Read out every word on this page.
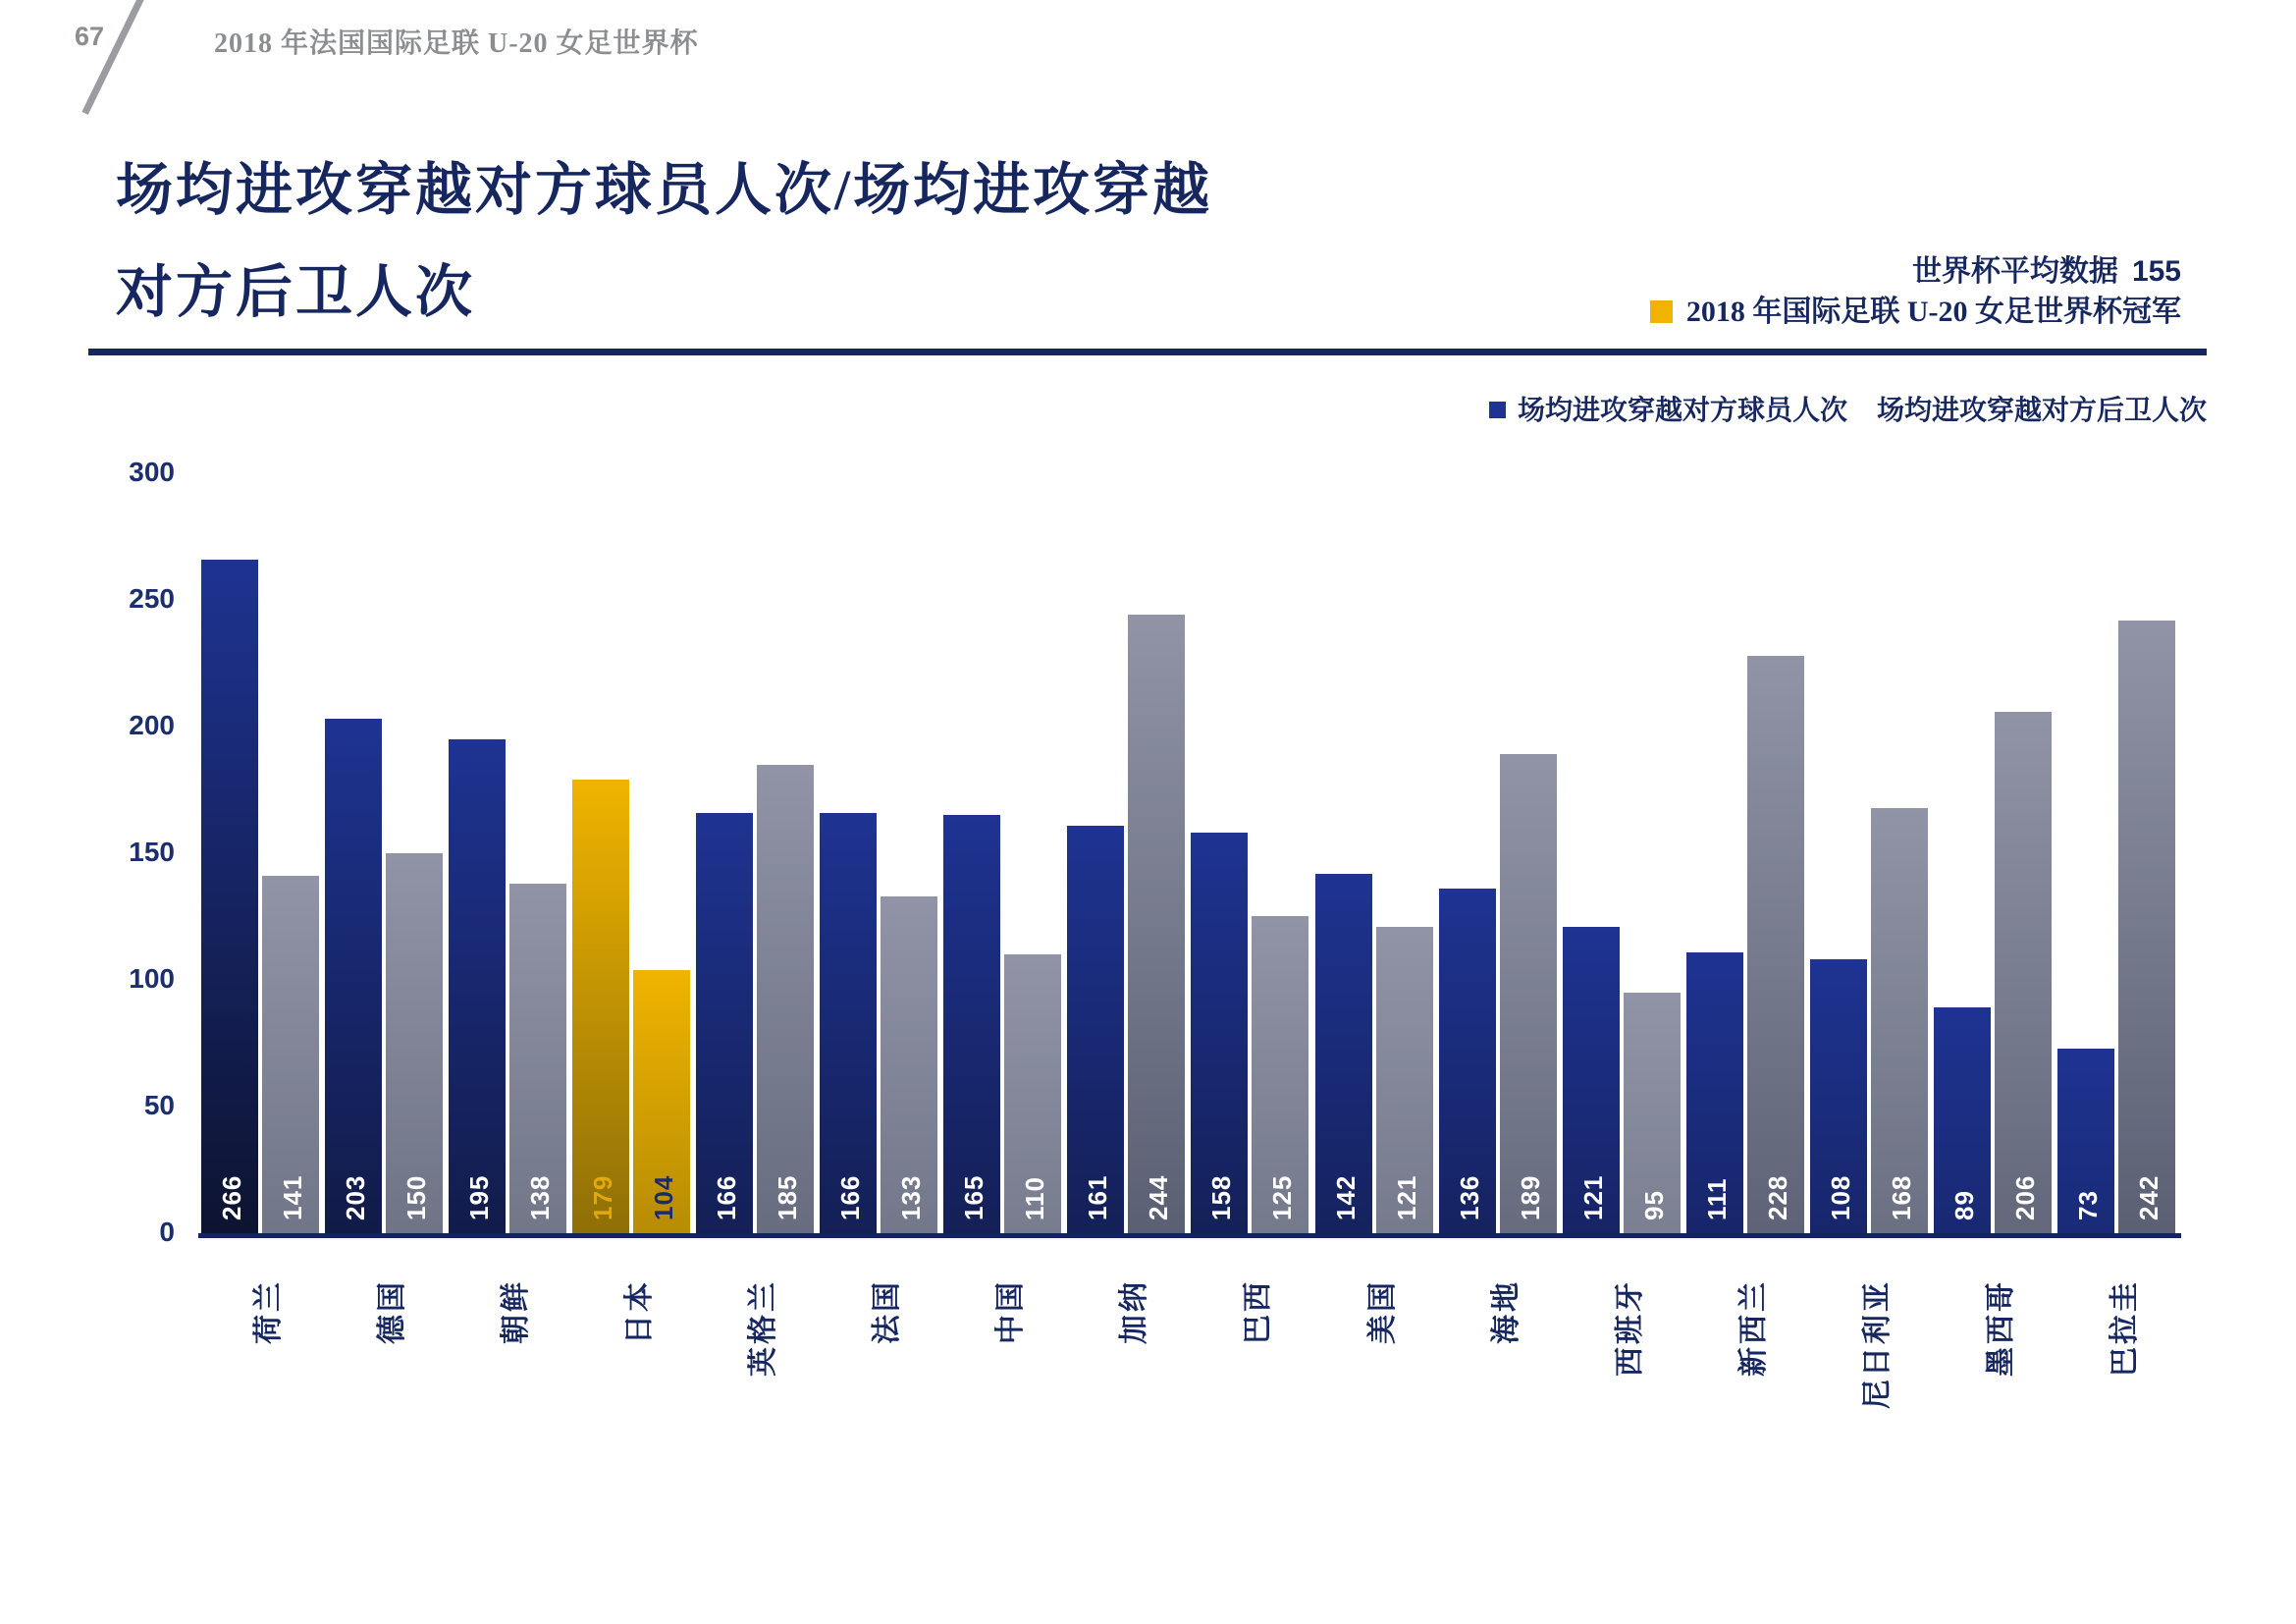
67	2018 年法国国际足联 U-20 女足世界杯
场均进攻穿越对方球员人次/场均进攻穿越
对方后卫人次	世界杯平均数据 155
2018 年国际足联 U-20 女足世界杯冠军
场均进攻穿越对方球员人次 场均进攻穿越对方后卫人次
0
50
100
150
200
250
300
266 141
荷兰
203 150
德国
195 138
朝鲜
179 104
日本
166 185
英格兰
166 133
法国
165 110
中国
161 244
加纳
158 125
巴西
142 121
美国
136 189
海地
121 95
西班牙
111 228
新西兰
108 168
尼日利亚
89 206
墨西哥
73 242
巴拉圭
